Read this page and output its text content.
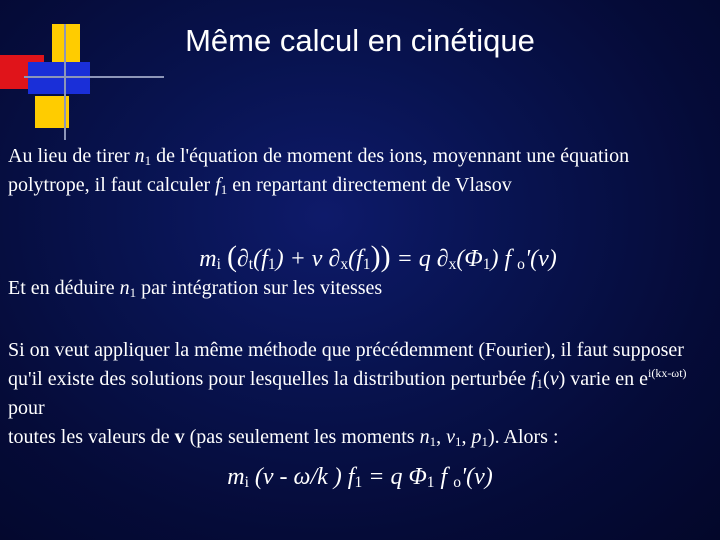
Même calcul en cinétique
Au lieu de tirer $n_1$ de l'équation de moment des ions, moyennant une équation polytrope, il faut calculer $f_1$ en repartant directement de Vlasov
$m_i$ ($\partial_t(f_1) + v$ $\partial_x(f_1)) = q$ $\partial_x(\Phi_1)$ f $_o$'(v)
Et en déduire $n_1$ par intégration sur les vitesses
Si on veut appliquer la même méthode que précédemment (Fourier), il faut supposer qu'il existe des solutions pour lesquelles la distribution perturbée $f_1(v)$ varie en $e^{i(kx-\omega t)}$ pour
toutes les valeurs de v (pas seulement les moments $n_1$, $v_1$, $p_1$). Alors :
$m_i$ (v - ω/k ) $f_1 = q$ $\Phi_1$ f $_o$'(v)
